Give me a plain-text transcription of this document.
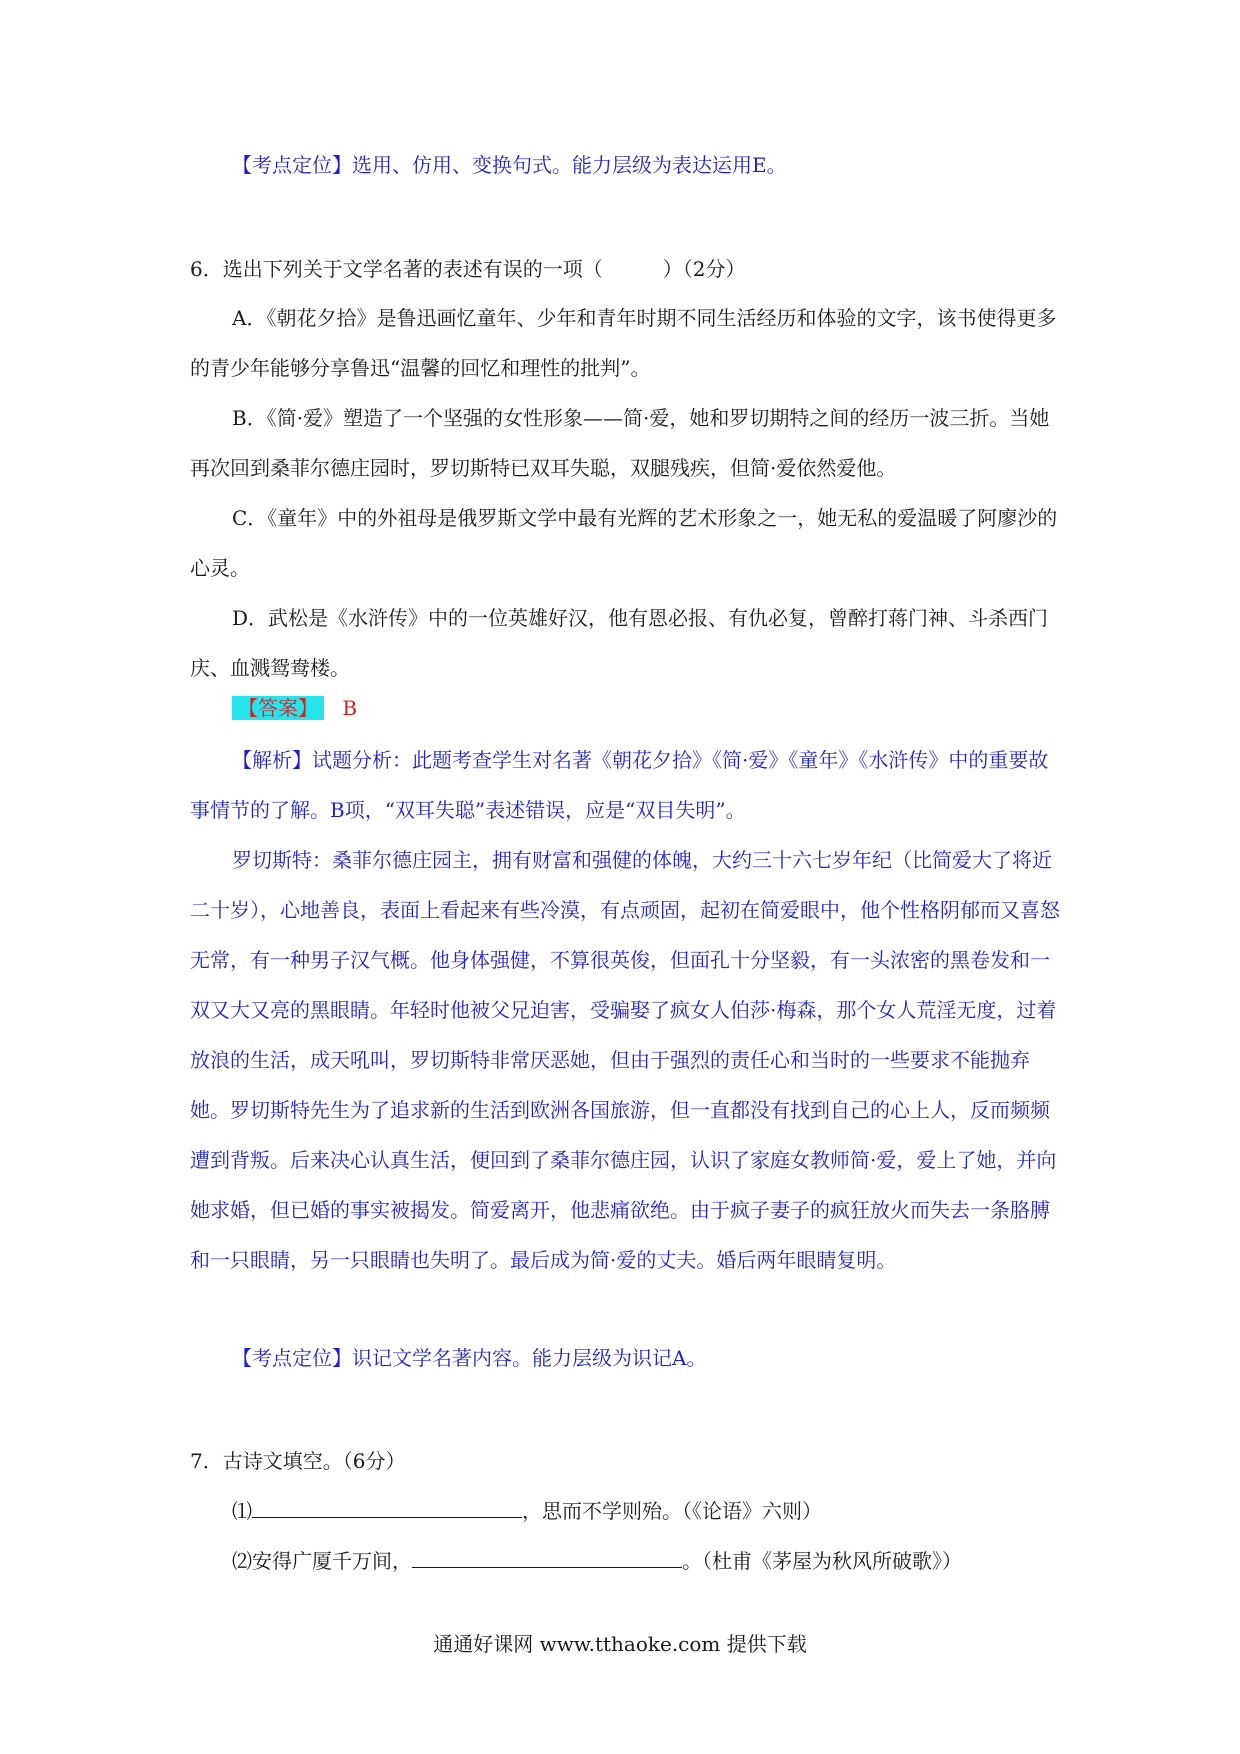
【考点定位】选用、仿用、变换句式。能力层级为表达运用E。

6．选出下列关于文学名著的表述有误的一项（　　　）（2分）

A．《朝花夕拾》是鲁迅画忆童年、少年和青年时期不同生活经历和体验的文字，该书使得更多的青少年能够分享鲁迅“温馨的回忆和理性的批判”。

B．《简·爱》塑造了一个坚强的女性形象——简·爱，她和罗切期特之间的经历一波三折。当她再次回到桑菲尔德庄园时，罗切斯特已双耳失聪，双腿残疾，但简·爱依然爱他。

C．《童年》中的外祖母是俄罗斯文学中最有光辉的艺术形象之一，她无私的爱温暖了阿廖沙的心灵。

D．武松是《水浒传》中的一位英雄好汉，他有恩必报、有仇必复，曾醉打蒋门神、斗杀西门庆、血溅鸳鸯楼。

【答案】 B

【解析】试题分析：此题考查学生对名著《朝花夕拾》《简·爱》《童年》《水浒传》中的重要故事情节的了解。B项，“双耳失聪”表述错误，应是“双目失明”。

罗切斯特：桑菲尔德庄园主，拥有财富和强健的体魄，大约三十六七岁年纪（比简爱大了将近二十岁），心地善良，表面上看起来有些冷漠，有点顽固，起初在简爱眼中，他个性格阴郁而又喜怒无常，有一种男子汉气概。他身体强健，不算很英俊，但面孔十分坚毅，有一头浓密的黑卷发和一双又大又亮的黑眼睛。年轻时他被父兄迫害，受骗娶了疯女人伯莎·梅森，那个女人荒淫无度，过着放浪的生活，成天吼叫，罗切斯特非常厌恶她，但由于强烈的责任心和当时的一些要求不能抛弃她。罗切斯特先生为了追求新的生活到欧洲各国旅游，但一直都没有找到自己的心上人，反而频频遭到背叛。后来决心认真生活，便回到了桑菲尔德庄园，认识了家庭女教师简·爱，爱上了她，并向她求婚，但已婚的事实被揭发。简爱离开，他悲痛欲绝。由于疯子妻子的疯狂放火而失去一条胳膊和一只眼睛，另一只眼睛也失明了。最后成为简·爱的丈夫。婚后两年眼睛复明。

【考点定位】识记文学名著内容。能力层级为识记A。

7．古诗文填空。（6分）

⑴	，思而不学则殆。（《论语》六则）

⑵安得广厦千万间，	。（杜甫《茅屋为秋风所破歌》）

通通好课网 www.tthaoke.com 提供下载
